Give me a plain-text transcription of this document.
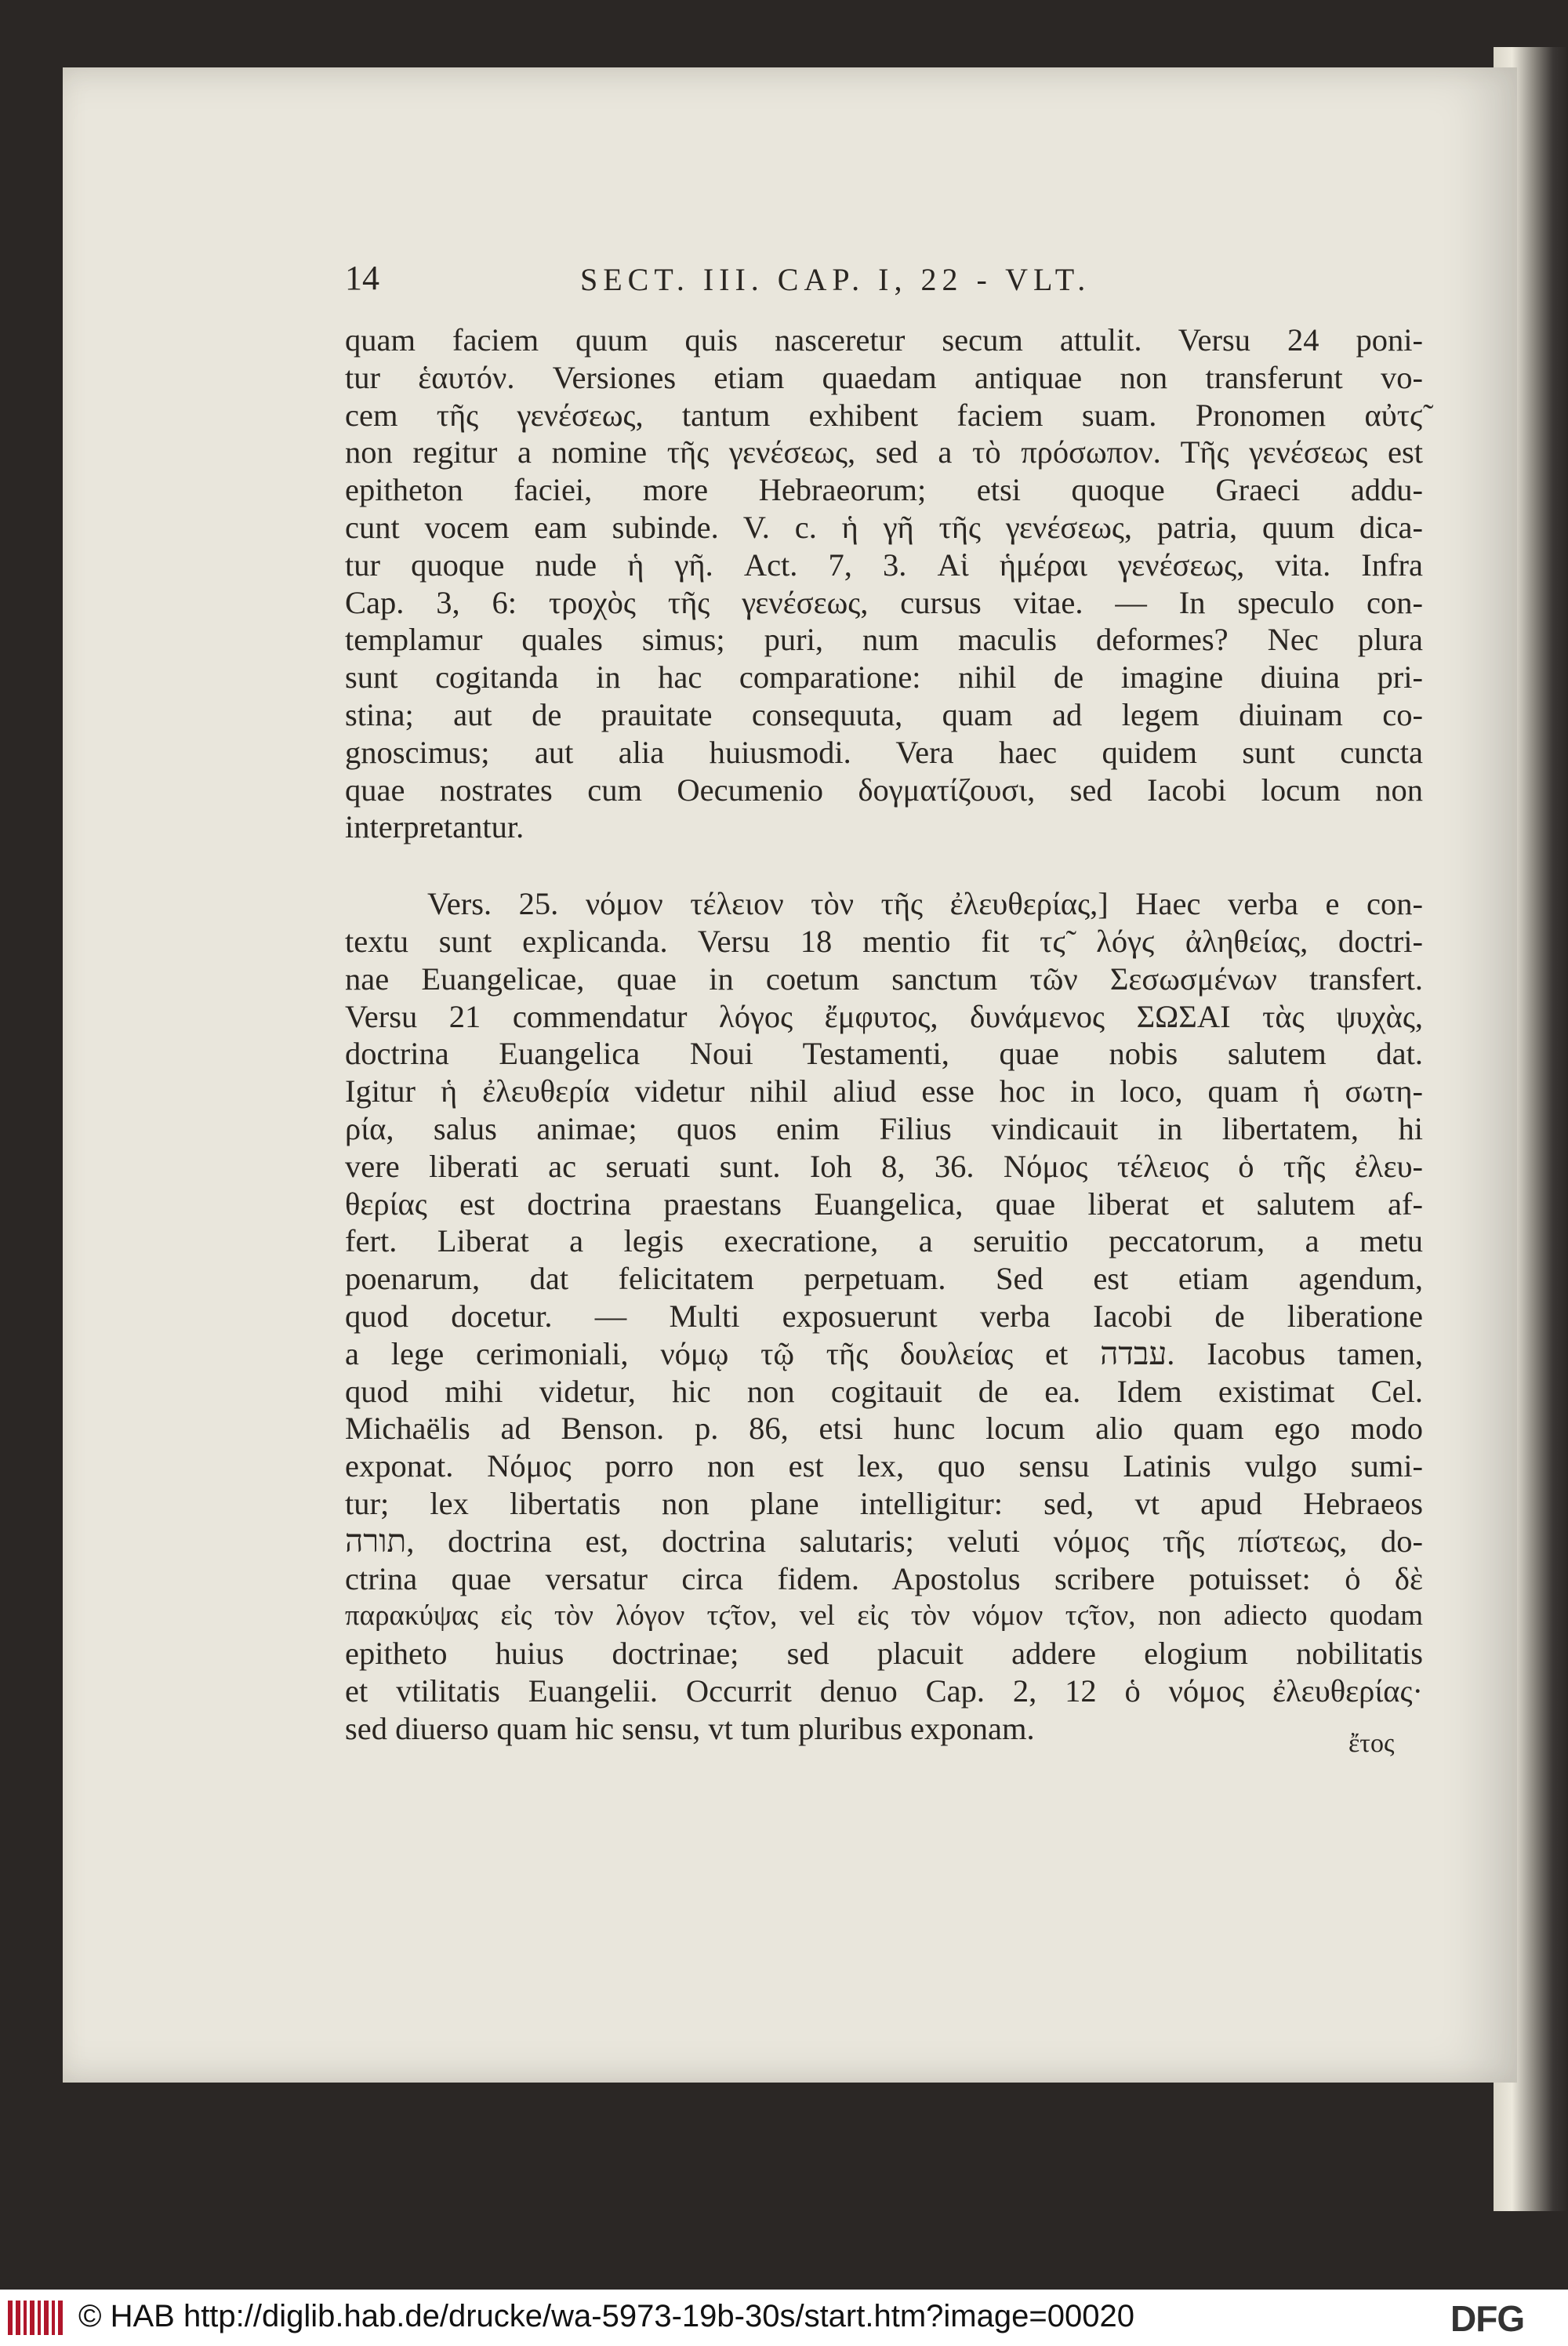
14	SECT. III. CAP. I, 22 - VLT.
quam faciem quum quis nasceretur secum attulit. Versu 24 poni-
tur ἑαυτόν. Versiones etiam quaedam antiquae non transferunt vo-
cem τῆς γενέσεως, tantum exhibent faciem suam. Pronomen αὐτϛ̃
non regitur a nomine τῆς γενέσεως, sed a τὸ πρόσωπον. Τῆς γενέσεως est
epitheton faciei, more Hebraeorum; etsi quoque Graeci addu-
cunt vocem eam subinde. V. c. ἡ γῆ τῆς γενέσεως, patria, quum dica-
tur quoque nude ἡ γῆ. Act. 7, 3. Αἱ ἡμέραι γενέσεως, vita. Infra
Cap. 3, 6: τροχὸς τῆς γενέσεως, cursus vitae. — In speculo con-
templamur quales simus; puri, num maculis deformes? Nec plura
sunt cogitanda in hac comparatione: nihil de imagine diuina pri-
stina; aut de prauitate consequuta, quam ad legem diuinam co-
gnoscimus; aut alia huiusmodi. Vera haec quidem sunt cuncta
quae nostrates cum Oecumenio δογματίζουσι, sed Iacobi locum non
interpretantur.
Vers. 25. νόμον τέλειον τὸν τῆς ἐλευθερίας,] Haec verba e con-
textu sunt explicanda. Versu 18 mentio fit τϛ̃ λόγϛ ἀληθείας, doctri-
nae Euangelicae, quae in coetum sanctum τῶν Σεσωσμένων transfert.
Versu 21 commendatur λόγος ἔμφυτος, δυνάμενος ΣΩΣΑΙ τὰς ψυχὰς,
doctrina Euangelica Noui Testamenti, quae nobis salutem dat.
Igitur ἡ ἐλευθερία videtur nihil aliud esse hoc in loco, quam ἡ σωτη-
ρία, salus animae; quos enim Filius vindicauit in libertatem, hi
vere liberati ac seruati sunt. Ioh 8, 36. Νόμος τέλειος ὁ τῆς ἐλευ-
θερίας est doctrina praestans Euangelica, quae liberat et salutem af-
fert. Liberat a legis execratione, a seruitio peccatorum, a metu
poenarum, dat felicitatem perpetuam. Sed est etiam agendum,
quod docetur. — Multi exposuerunt verba Iacobi de liberatione
a lege cerimoniali, νόμῳ τῷ τῆς δουλείας et עבדה. Iacobus tamen,
quod mihi videtur, hic non cogitauit de ea. Idem existimat Cel.
Michaëlis ad Benson. p. 86, etsi hunc locum alio quam ego modo
exponat. Νόμος porro non est lex, quo sensu Latinis vulgo sumi-
tur; lex libertatis non plane intelligitur: sed, vt apud Hebraeos
תורה, doctrina est, doctrina salutaris; veluti νόμος τῆς πίστεως, do-
ctrina quae versatur circa fidem. Apostolus scribere potuisset: ὁ δὲ
παρακύψας εἰς τὸν λόγον τϛ̃τον, vel εἰς τὸν νόμον τϛ̃τον, non adiecto quodam
epitheto huius doctrinae; sed placuit addere elogium nobilitatis
et vtilitatis Euangelii. Occurrit denuo Cap. 2, 12 ὁ νόμος ἐλευθερίας·
sed diuerso quam hic sensu, vt tum pluribus exponam.	ἔτος
© HAB http://diglib.hab.de/drucke/wa-5973-19b-30s/start.htm?image=00020	DFG
